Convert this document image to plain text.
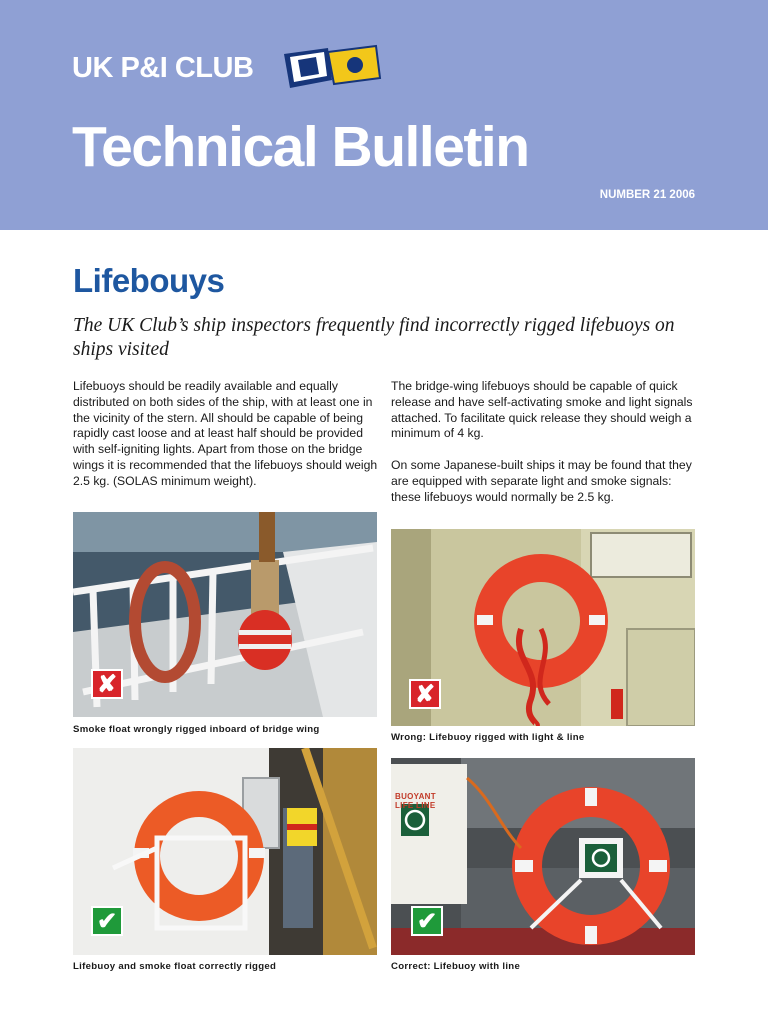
UK P&I CLUB
Technical Bulletin
NUMBER 21 2006
Lifebouys
The UK Club’s ship inspectors frequently find incorrectly rigged lifebuoys on ships visited

Lifebuoys should be readily available and equally distributed on both sides of the ship, with at least one in the vicinity of the stern. All should be capable of being rapidly cast loose and at least half should be provided with self-igniting lights. Apart from those on the bridge wings it is recommended that the lifebuoys should weigh 2.5 kg. (SOLAS minimum weight).

The bridge-wing lifebuoys should be capable of quick release and have self-activating smoke and light signals attached. To facilitate quick release they should weigh a minimum of 4 kg.

On some Japanese-built ships it may be found that they are equipped with separate light and smoke signals: these lifebuoys would normally be 2.5 kg.

✘
Smoke float wrongly rigged inboard of bridge wing
✘
Wrong: Lifebuoy rigged with light & line
✔
Lifebuoy and smoke float correctly rigged
BUOYANT
LIFE LINE
✔
Correct: Lifebuoy with line
